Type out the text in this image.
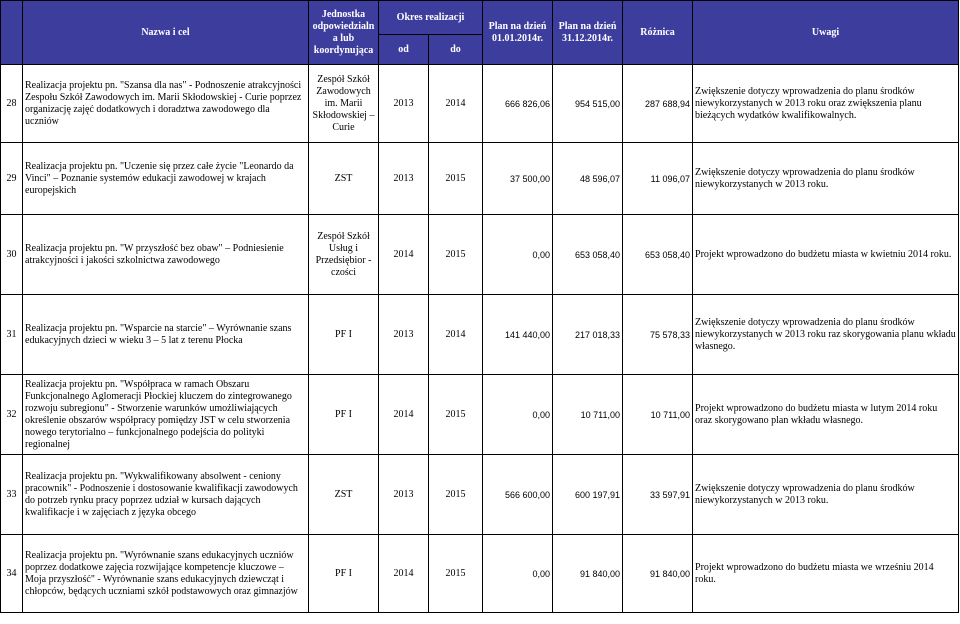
	Nazwa i cel	Jednostka odpowiedzialn a lub koordynująca	Okres realizacji		Plan na dzień 01.01.2014r.	Plan na dzień 31.12.2014r.	Różnica	Uwagi
			od	do				
28	Realizacja projektu pn. "Szansa dla nas" - Podnoszenie atrakcyjności Zespołu Szkół Zawodowych im. Marii Skłodowskiej - Curie poprzez organizację zajęć dodatkowych i doradztwa zawodowego dla uczniów	Zespół Szkół Zawodowych im. Marii Skłodowskiej – Curie	2013	2014	666 826,06	954 515,00	287 688,94	Zwiększenie dotyczy wprowadzenia do planu środków niewykorzystanych w 2013 roku oraz zwiększenia planu bieżących wydatków kwalifikowalnych.
29	Realizacja projektu pn. "Uczenie się przez całe życie "Leonardo da Vinci" – Poznanie systemów edukacji zawodowej w krajach europejskich	ZST	2013	2015	37 500,00	48 596,07	11 096,07	Zwiększenie dotyczy wprowadzenia do planu środków niewykorzystanych w 2013 roku.
30	Realizacja projektu pn. "W przyszłość bez obaw" – Podniesienie atrakcyjności i jakości szkolnictwa zawodowego	Zespół Szkół Usług i Przedsiębior - czości	2014	2015	0,00	653 058,40	653 058,40	Projekt wprowadzono do budżetu miasta w kwietniu 2014 roku.
31	Realizacja projektu pn. "Wsparcie na starcie" – Wyrównanie szans edukacyjnych dzieci w wieku 3 – 5 lat z terenu Płocka	PF I	2013	2014	141 440,00	217 018,33	75 578,33	Zwiększenie dotyczy wprowadzenia do planu środków niewykorzystanych w 2013 roku raz skorygowania planu wkładu własnego.
32	Realizacja projektu pn. "Współpraca w ramach Obszaru Funkcjonalnego Aglomeracji Płockiej kluczem do zintegrowanego rozwoju subregionu" - Stworzenie warunków umożliwiających określenie obszarów współpracy pomiędzy JST w celu stworzenia nowego terytorialno – funkcjonalnego podejścia do polityki regionalnej	PF I	2014	2015	0,00	10 711,00	10 711,00	Projekt wprowadzono do budżetu miasta w lutym 2014 roku oraz skorygowano plan wkładu własnego.
33	Realizacja projektu pn. "Wykwalifikowany absolwent - ceniony pracownik" - Podnoszenie i dostosowanie kwalifikacji zawodowych do potrzeb rynku pracy poprzez udział w kursach dających kwalifikacje i w zajęciach z języka obcego	ZST	2013	2015	566 600,00	600 197,91	33 597,91	Zwiększenie dotyczy wprowadzenia do planu środków niewykorzystanych w 2013 roku.
34	Realizacja projektu pn. "Wyrównanie szans edukacyjnych uczniów poprzez dodatkowe zajęcia rozwijające kompetencje kluczowe – Moja przyszłość" - Wyrównanie szans edukacyjnych dziewcząt i chłopców, będących uczniami szkół podstawowych oraz gimnazjów	PF I	2014	2015	0,00	91 840,00	91 840,00	Projekt wprowadzono do budżetu miasta we wrześniu 2014 roku.
